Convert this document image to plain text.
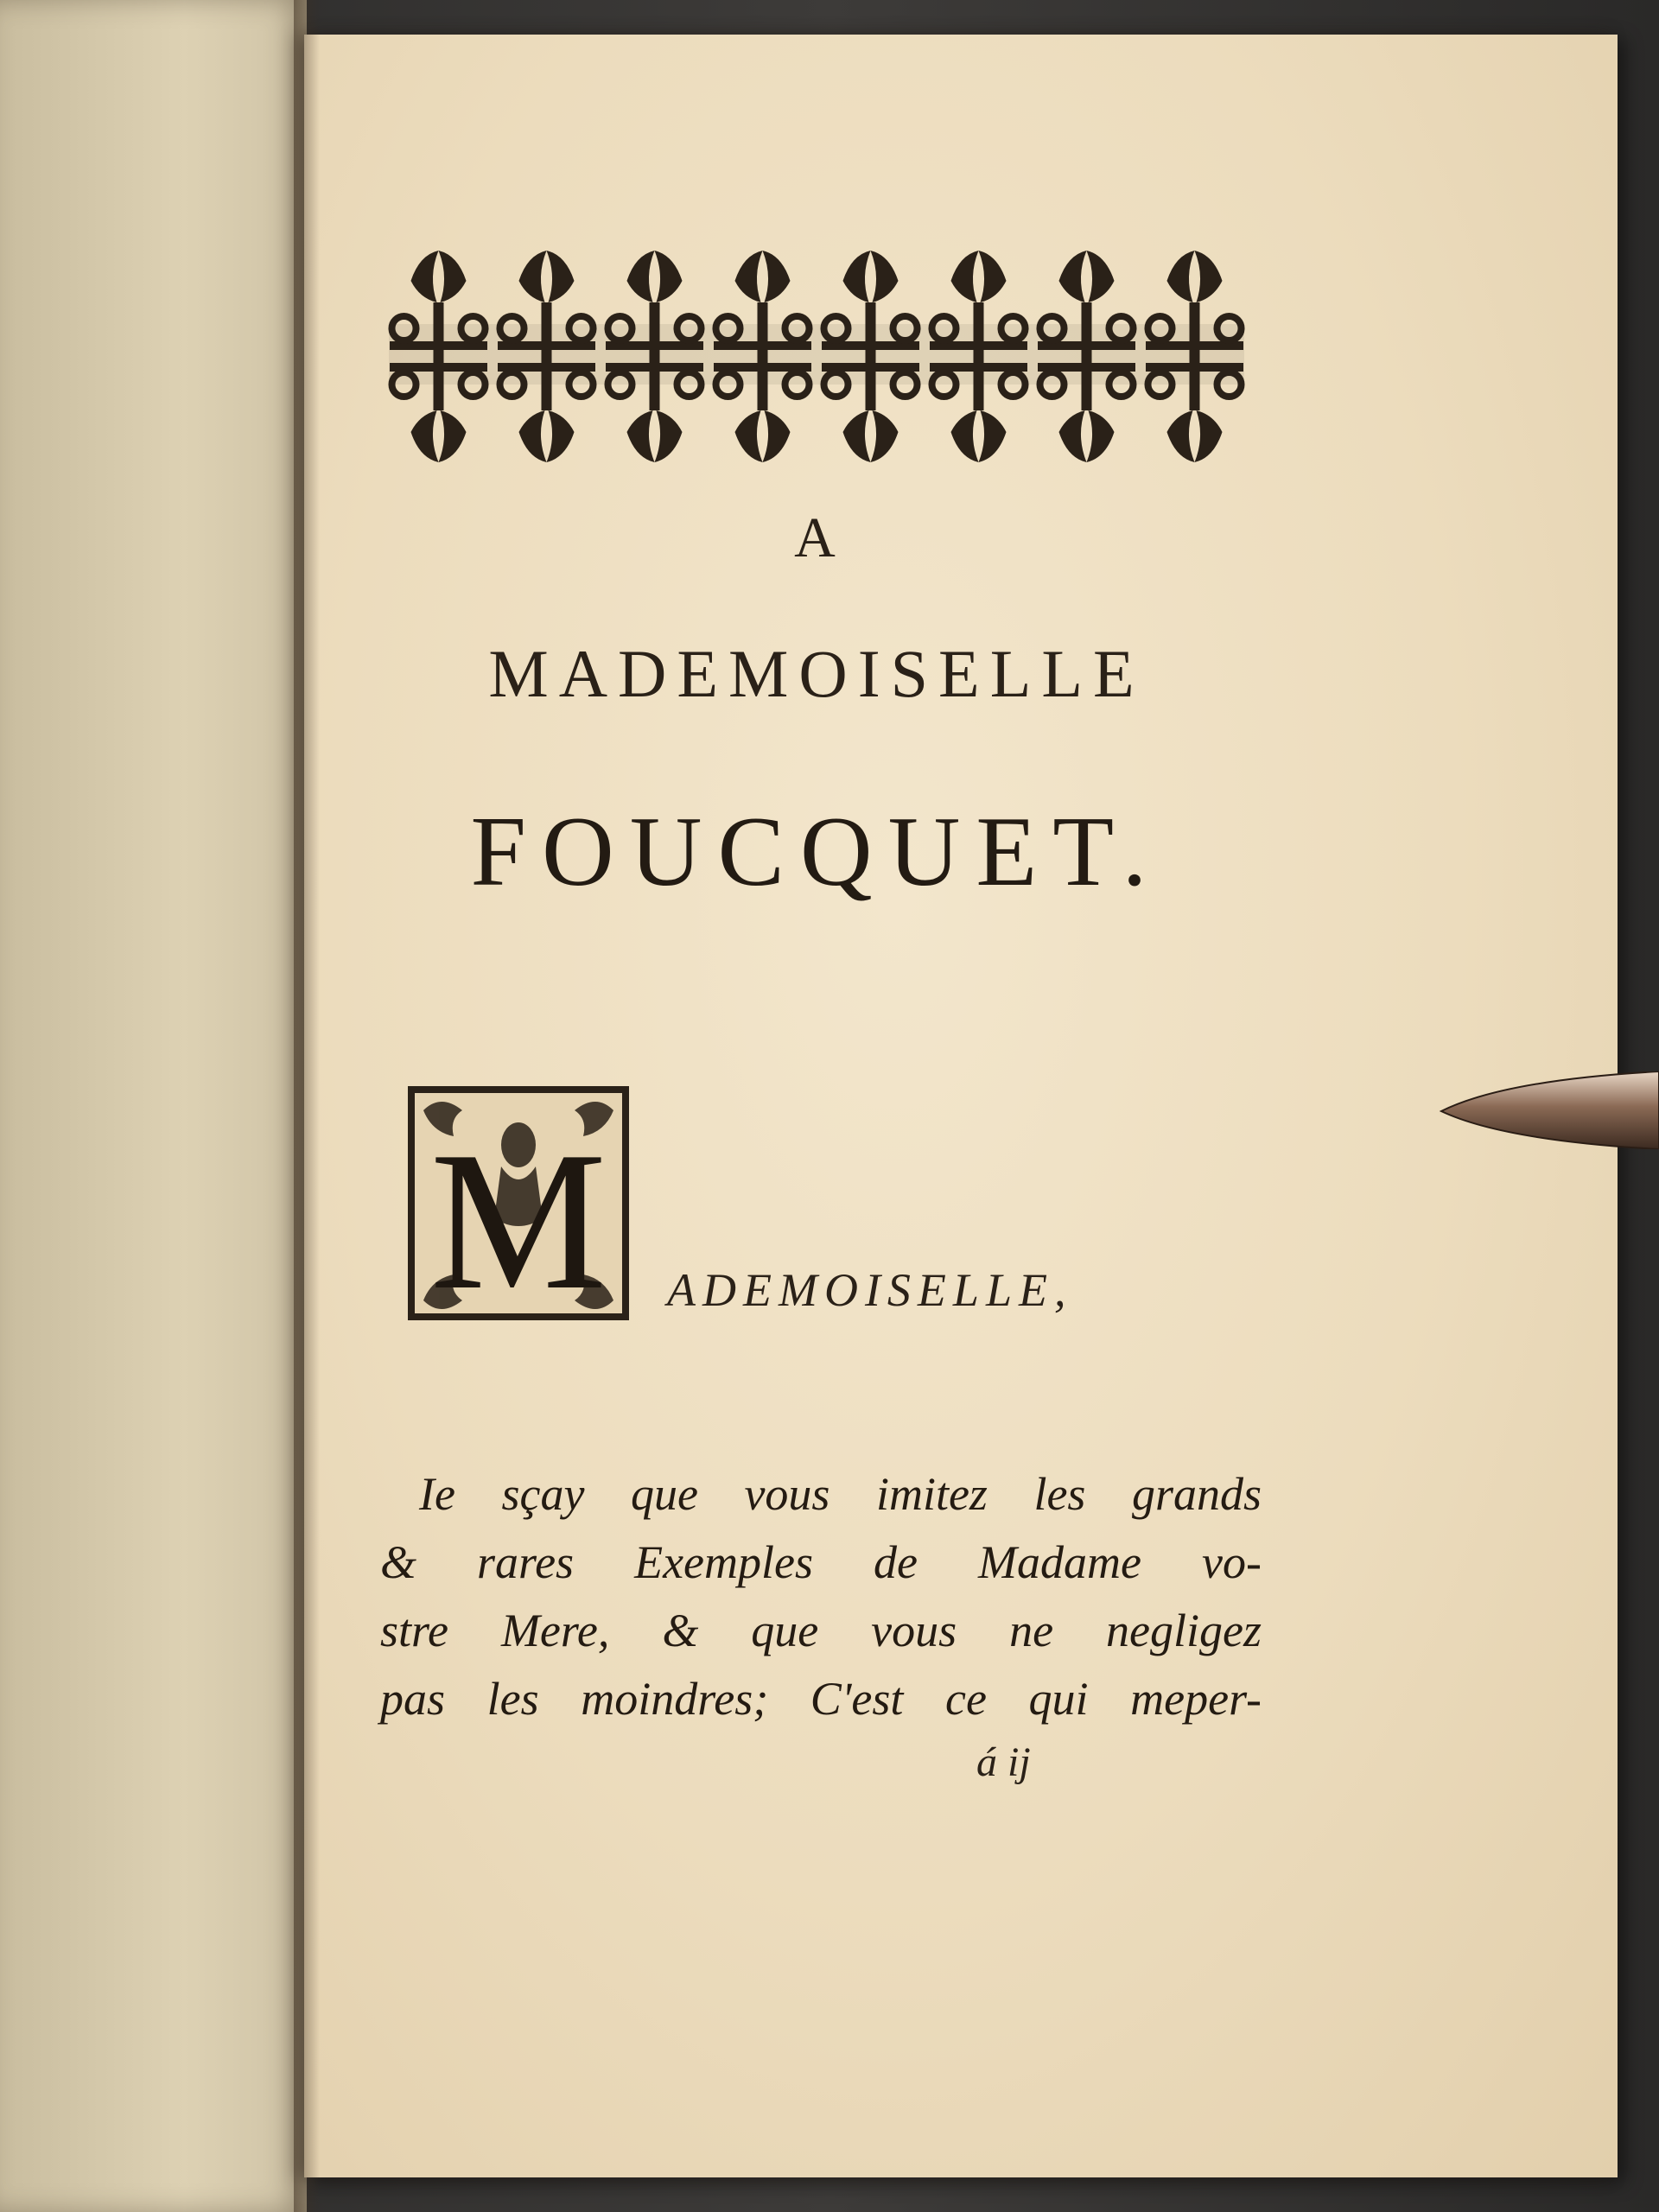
A
MADEMOISELLE
FOUCQUET.
M ADEMOISELLE,
Ie sçay que vous imitez les grands
& rares Exemples de Madame vo-
stre Mere, & que vous ne negligez
pas les moindres; C'est ce qui meper-
á ij
